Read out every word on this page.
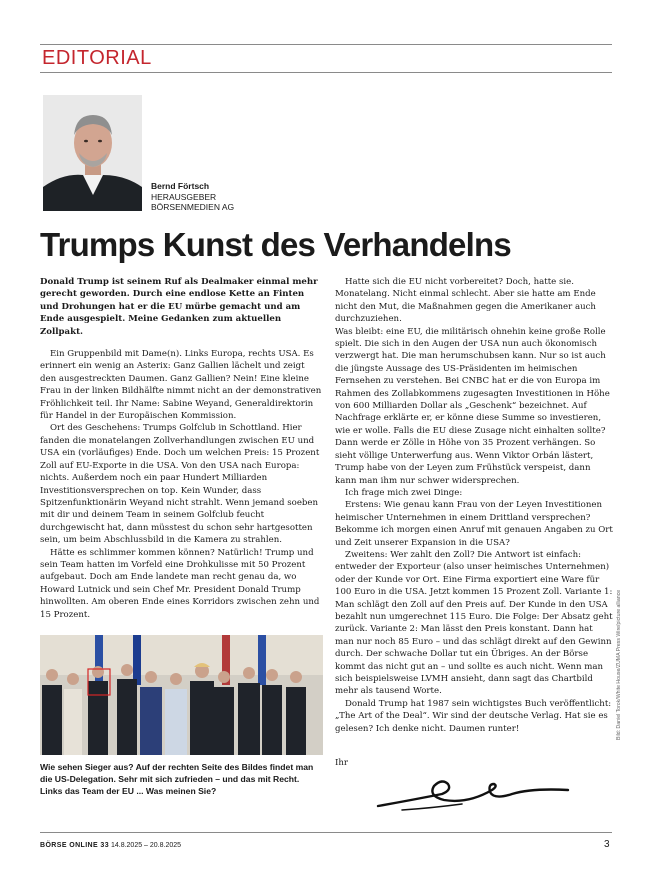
EDITORIAL
Bernd Förtsch
HERAUSGEBER
BÖRSENMEDIEN AG
Trumps Kunst des Verhandelns

Donald Trump ist seinem Ruf als Dealmaker einmal mehr gerecht geworden. Durch eine endlose Kette an Finten und Drohungen hat er die EU mürbe gemacht und am Ende ausgespielt. Meine Gedanken zum aktuellen Zollpakt.

Ein Gruppenbild mit Dame(n). Links Europa, rechts USA. Es erinnert ein wenig an Asterix: Ganz Gallien lächelt und zeigt den ausgestreckten Daumen. Ganz Gallien? Nein! Eine kleine Frau in der linken Bildhälfte nimmt nicht an der demonstrativen Fröhlichkeit teil. Ihr Name: Sabine Weyand, Generaldirektorin für Handel in der Europäischen Kommission.

Ort des Geschehens: Trumps Golfclub in Schottland. Hier fanden die monatelangen Zollverhandlungen zwischen EU und USA ein (vorläufiges) Ende. Doch um welchen Preis: 15 Prozent Zoll auf EU-Exporte in die USA. Von den USA nach Europa: nichts. Außerdem noch ein paar Hundert Milliarden Investitionsversprechen on top. Kein Wunder, dass Spitzenfunktionärin Weyand nicht strahlt. Wenn jemand soeben mit dir und deinem Team in seinem Golfclub feucht durchgewischt hat, dann müsstest du schon sehr hartgesotten sein, um beim Abschlussbild in die Kamera zu strahlen.

Hätte es schlimmer kommen können? Natürlich! Trump und sein Team hatten im Vorfeld eine Drohkulisse mit 50 Prozent aufgebaut. Doch am Ende landete man recht genau da, wo Howard Lutnick und sein Chef Mr. President Donald Trump hinwollten. Am oberen Ende eines Korridors zwischen zehn und 15 Prozent.

Wie sehen Sieger aus? Auf der rechten Seite des Bildes findet man die US-Delegation. Sehr mit sich zufrieden – und das mit Recht. Links das Team der EU ... Was meinen Sie?

Hatte sich die EU nicht vorbereitet? Doch, hatte sie. Monatelang. Nicht einmal schlecht. Aber sie hatte am Ende nicht den Mut, die Maßnahmen gegen die Amerikaner auch durchzuziehen.

Was bleibt: eine EU, die militärisch ohnehin keine große Rolle spielt. Die sich in den Augen der USA nun auch ökonomisch verzwergt hat. Die man herumschubsen kann. Nur so ist auch die jüngste Aussage des US-Präsidenten im heimischen Fernsehen zu verstehen. Bei CNBC hat er die von Europa im Rahmen des Zollabkommens zugesagten Investitionen in Höhe von 600 Milliarden Dollar als „Geschenk“ bezeichnet. Auf Nachfrage erklärte er, er könne diese Summe so investieren, wie er wolle. Falls die EU diese Zusage nicht einhalten sollte? Dann werde er Zölle in Höhe von 35 Prozent verhängen. So sieht völlige Unterwerfung aus. Wenn Viktor Orbán lästert, Trump habe von der Leyen zum Frühstück verspeist, dann kann man ihm nur schwer widersprechen.

Ich frage mich zwei Dinge:

Erstens: Wie genau kann Frau von der Leyen Investitionen heimischer Unternehmen in einem Drittland versprechen? Bekomme ich morgen einen Anruf mit genauen Angaben zu Ort und Zeit unserer Expansion in die USA?

Zweitens: Wer zahlt den Zoll? Die Antwort ist einfach: entweder der Exporteur (also unser heimisches Unternehmen) oder der Kunde vor Ort. Eine Firma exportiert eine Ware für 100 Euro in die USA. Jetzt kommen 15 Prozent Zoll. Variante 1: Man schlägt den Zoll auf den Preis auf. Der Kunde in den USA bezahlt nun umgerechnet 115 Euro. Die Folge: Der Absatz geht zurück. Variante 2: Man lässt den Preis konstant. Dann hat man nur noch 85 Euro – und das schlägt direkt auf den Gewinn durch. Der schwache Dollar tut ein Übriges. An der Börse kommt das nicht gut an – und sollte es auch nicht. Wenn man sich beispielsweise LVMH ansieht, dann sagt das Chartbild mehr als tausend Worte.

Donald Trump hat 1987 sein wichtigstes Buch veröffentlicht: „The Art of the Deal“. Wir sind der deutsche Verlag. Hat sie es gelesen? Ich denke nicht. Daumen runter!

Ihr
Bild: Daniel Torok/White House/ZUMA Press Wire/picture alliance
BÖRSE ONLINE 33 14.8.2025 – 20.8.2025	3
